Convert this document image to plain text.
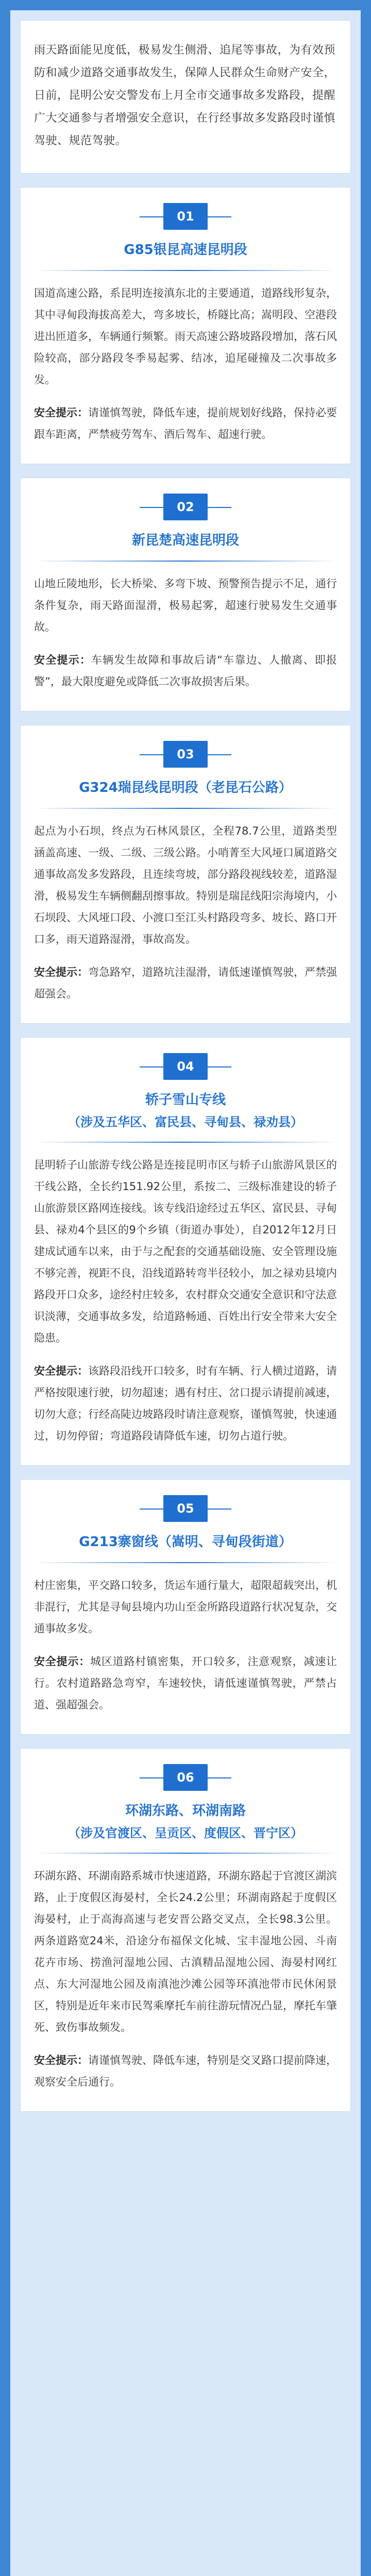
雨天路面能见度低，极易发生侧滑、追尾等事故，为有效预防和减少道路交通事故发生，保障人民群众生命财产安全，日前，昆明公安交警发布上月全市交通事故多发路段，提醒广大交通参与者增强安全意识，在行经事故多发路段时谨慎驾驶、规范驾驶。

01
G85银昆高速昆明段

国道高速公路，系昆明连接滇东北的主要通道，道路线形复杂，其中寻甸段海拔高差大，弯多坡长，桥隧比高；嵩明段、空港段进出匝道多，车辆通行频繁。雨天高速公路坡路段增加，落石风险较高，部分路段冬季易起雾、结冰，追尾碰撞及二次事故多发。

安全提示：请谨慎驾驶，降低车速，提前规划好线路，保持必要跟车距离，严禁疲劳驾车、酒后驾车、超速行驶。

02
新昆楚高速昆明段

山地丘陵地形，长大桥梁、多弯下坡、预警预告提示不足，通行条件复杂，雨天路面湿滑，极易起雾，超速行驶易发生交通事故。

安全提示：车辆发生故障和事故后请“车靠边、人撤离、即报警”，最大限度避免或降低二次事故损害后果。

03
G324瑞昆线昆明段（老昆石公路）

起点为小石坝，终点为石林风景区，全程78.7公里，道路类型涵盖高速、一级、二级、三级公路。小哨菁至大风垭口属道路交通事故高发多发路段，且连续弯坡，部分路段视线较差，道路湿滑，极易发生车辆侧翻刮擦事故。特别是瑞昆线阳宗海境内，小石坝段、大风垭口段、小渡口至江头村路段弯多、坡长、路口开口多，雨天道路湿滑，事故高发。

安全提示：弯急路窄，道路坑洼湿滑，请低速谨慎驾驶，严禁强超强会。

04
轿子雪山专线
（涉及五华区、富民县、寻甸县、禄劝县）

昆明轿子山旅游专线公路是连接昆明市区与轿子山旅游风景区的干线公路，全长约151.92公里，系按二、三级标准建设的轿子山旅游景区路网连接线。该专线沿途经过五华区、富民县、寻甸县、禄劝4个县区的9个乡镇（街道办事处），自2012年12月日建成试通车以来，由于与之配套的交通基础设施、安全管理设施不够完善，视距不良，沿线道路转弯半径较小，加之禄劝县境内路段开口众多，途经村庄较多，农村群众交通安全意识和守法意识淡薄，交通事故多发，给道路畅通、百姓出行安全带来大安全隐患。

安全提示：该路段沿线开口较多，时有车辆、行人横过道路，请严格按限速行驶，切勿超速；遇有村庄、岔口提示请提前减速，切勿大意；行经高陡边坡路段时请注意观察，谨慎驾驶，快速通过，切勿停留；弯道路段请降低车速，切勿占道行驶。

05
G213寨窗线（嵩明、寻甸段街道）

村庄密集，平交路口较多，货运车通行量大，超限超载突出，机非混行，尤其是寻甸县境内功山至金所路段道路行状况复杂，交通事故多发。

安全提示：城区道路村镇密集，开口较多，注意观察，减速让行。农村道路路急弯窄，车速较快，请低速谨慎驾驶，严禁占道、强超强会。

06
环湖东路、环湖南路
（涉及官渡区、呈贡区、度假区、晋宁区）

环湖东路、环湖南路系城市快速道路，环湖东路起于官渡区湖滨路，止于度假区海晏村，全长24.2公里；环湖南路起于度假区海晏村，止于高海高速与老安晋公路交叉点，全长98.3公里。两条道路宽24米，沿途分布福保文化城、宝丰湿地公园、斗南花卉市场、捞渔河湿地公园、古滇精品湿地公园、海晏村网红点、东大河湿地公园及南滇池沙滩公园等环滇池带市民休闲景区，特别是近年来市民驾乘摩托车前往游玩情况凸显，摩托车肇死、致伤事故频发。

安全提示：请谨慎驾驶、降低车速，特别是交叉路口提前降速，观察安全后通行。
